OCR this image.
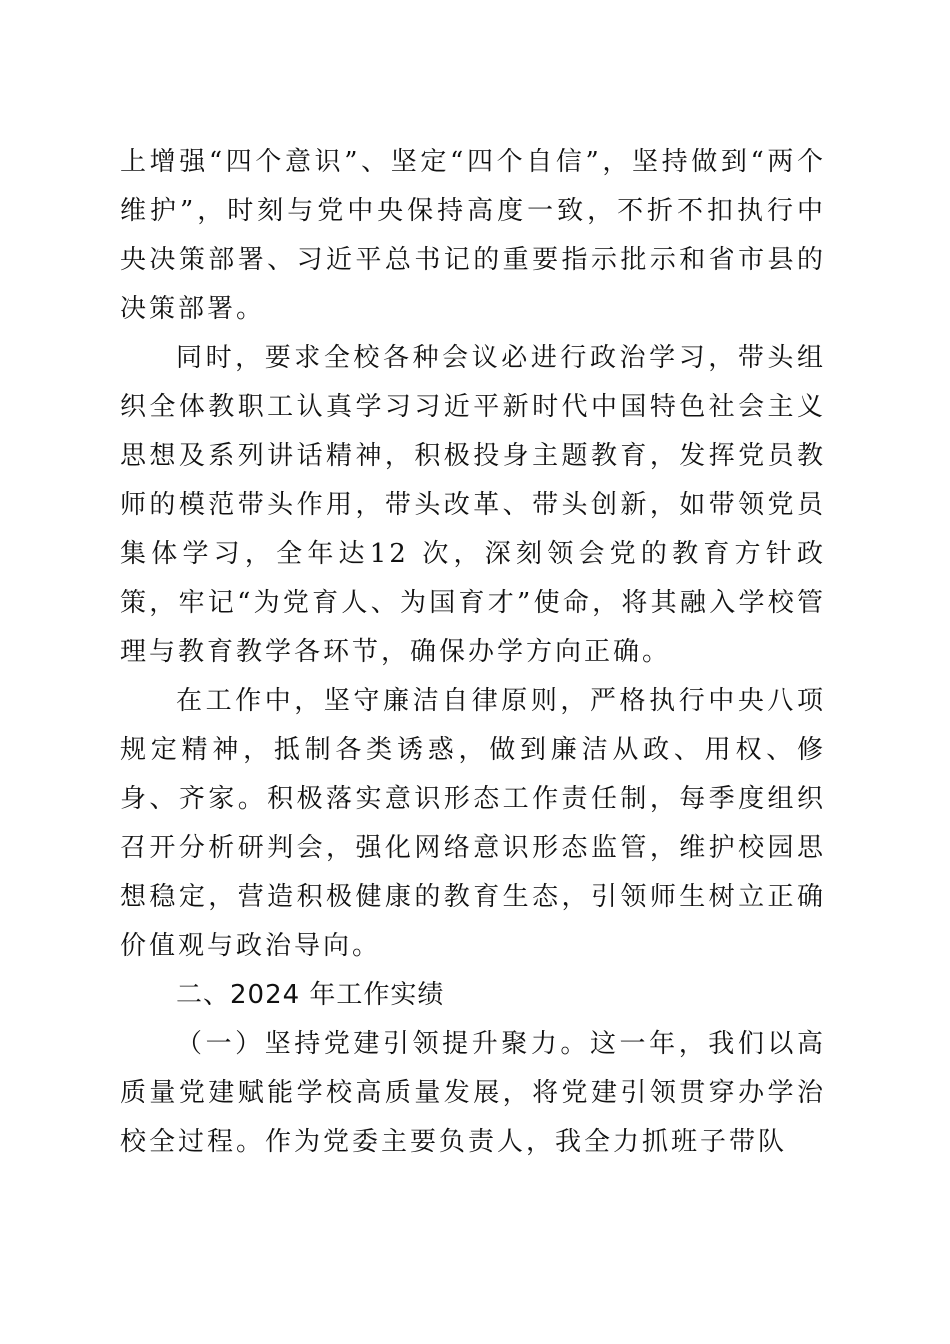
上增强“四个意识”、坚定“四个自信”，坚持做到“两个维护”，时刻与党中央保持高度一致，不折不扣执行中央决策部署、习近平总书记的重要指示批示和省市县的决策部署。

同时，要求全校各种会议必进行政治学习，带头组织全体教职工认真学习习近平新时代中国特色社会主义思想及系列讲话精神，积极投身主题教育，发挥党员教师的模范带头作用，带头改革、带头创新，如带领党员集体学习，全年达12 次，深刻领会党的教育方针政策，牢记“为党育人、为国育才”使命，将其融入学校管理与教育教学各环节，确保办学方向正确。

在工作中，坚守廉洁自律原则，严格执行中央八项规定精神，抵制各类诱惑，做到廉洁从政、用权、修身、齐家。积极落实意识形态工作责任制，每季度组织召开分析研判会，强化网络意识形态监管，维护校园思想稳定，营造积极健康的教育生态，引领师生树立正确价值观与政治导向。

二、2024 年工作实绩

（一）坚持党建引领提升聚力。这一年，我们以高质量党建赋能学校高质量发展，将党建引领贯穿办学治校全过程。作为党委主要负责人，我全力抓班子带队
